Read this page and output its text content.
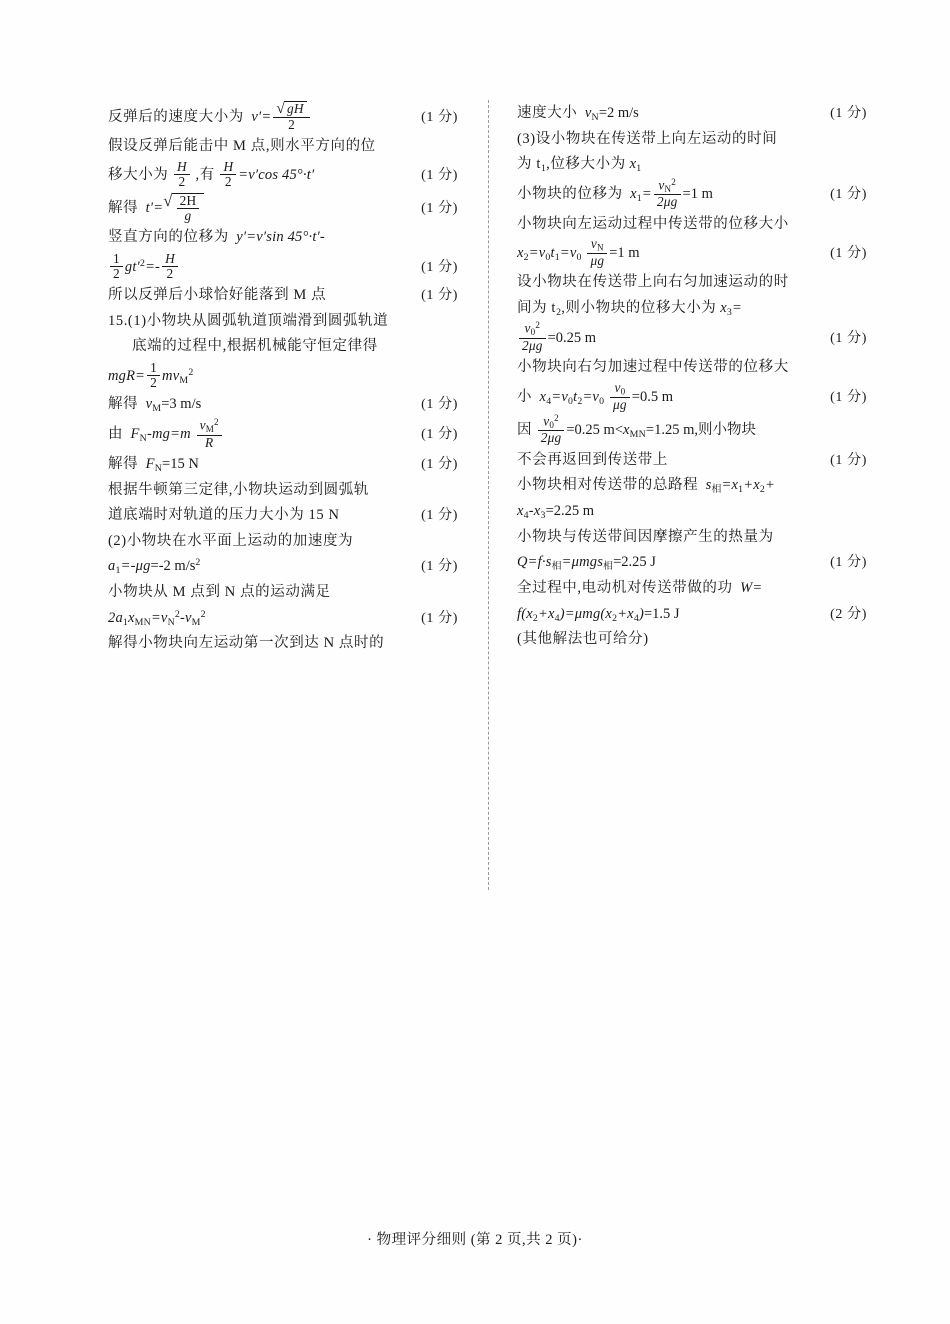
反弹后的速度大小为  $v'= \frac{√ gH}{2}$	(1 分)
假设反弹后能击中 M 点,则水平方向的位
移大小为 $\frac{H}{2}$ ,有 $\frac{H}{2} =v'\cos$ 45°·t′	(1 分)
解得  t′= √ $\frac{2H}{g}$	(1 分)
竖直方向的位移为  y′=v′sin 45°·t′-
$\frac{1}{2} gt'^2=- \frac{H}{2}$	(1 分)
所以反弹后小球恰好能落到 M 点	(1 分)
15.(1)小物块从圆弧轨道顶端滑到圆弧轨道
底端的过程中,根据机械能守恒定律得
$mgR= \frac{1}{2} mv_M^2$
解得  $v_M=3$ m/s	(1 分)
由  $F_N-mg=m \frac{v_M^2}{R}$	(1 分)
解得  $F_N=15$ N	(1 分)
根据牛顿第三定律,小物块运动到圆弧轨
道底端时对轨道的压力大小为 15 N	(1 分)
(2)小物块在水平面上运动的加速度为
$a_1=-\mu g=-2$ $m/s^2$	(1 分)
小物块从 M 点到 N 点的运动满足
$2a_1x_{MN}=v_N^2-v_M^2$	(1 分)
解得小物块向左运动第一次到达 N 点时的
速度大小  $v_N=2$ m/s	(1 分)
(3)设小物块在传送带上向左运动的时间
为 $t_1$,位移大小为 $x_1$
小物块的位移为  $x_1= \frac{v_N^2}{2\mu g} =1$ m	(1 分)
小物块向左运动过程中传送带的位移大小
$x_2=v_0t_1=v_0 \frac{v_N}{\mu g} =1$ m	(1 分)
设小物块在传送带上向右匀加速运动的时
间为 $t_2$,则小物块的位移大小为 $x_3=$
$\frac{v_0^2}{2\mu g} =0.25$ m	(1 分)
小物块向右匀加速过程中传送带的位移大
小  $x_4=v_0t_2=v_0 \frac{v_0}{\mu g} =0.5$ m	(1 分)
因 $\frac{v_0^2}{2\mu g} =0.25$ $m<x_{MN}=1.25$ m,则小物块
不会再返回到传送带上	(1 分)
小物块相对传送带的总路程  $s_相=x_1+x_2+$
$x_4-x_3=2.25$ m
小物块与传送带间因摩擦产生的热量为
$Q=f\cdot s_相=\mu mgs_相=2.25$ J	(1 分)
全过程中,电动机对传送带做的功  W=
$f(x_2+x_4)=\mu mg(x_2+x_4)=1.5$ J	(2 分)
(其他解法也可给分)
· 物理评分细则 (第 2 页,共 2 页)·
